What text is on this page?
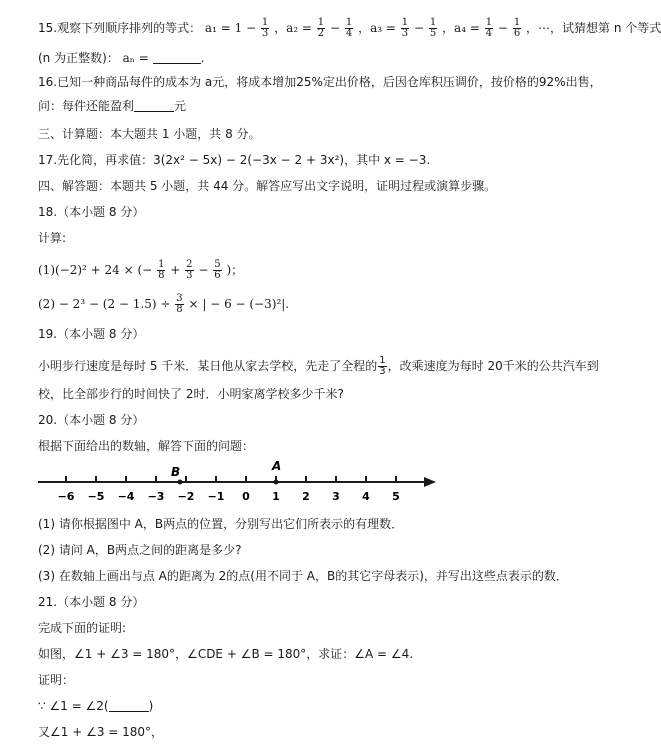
15.观察下列顺序排列的等式： $a_1 = 1 - \frac{1}{3}$ ，$a_2 = \frac{1}{2} - \frac{1}{4}$ ，$a_3 = \frac{1}{3} - \frac{1}{5}$ ，$a_4 = \frac{1}{4} - \frac{1}{6}$ ，⋯，试猜想第 n 个等式
(n 为正整数)： aₙ =	.
16.已知一种商品每件的成本为 a元，将成本增加25%定出价格，后因仓库积压调价，按价格的92%出售，
问：每件还能盈利	元
三、计算题：本大题共 1 小题，共 8 分。
17.先化简，再求值：3(2x² − 5x) − 2(−3x − 2 + 3x²)，其中 x = −3.
四、解答题：本题共 5 小题，共 44 分。解答应写出文字说明，证明过程或演算步骤。
18.（本小题 8 分）
计算:
(1)(−2)² + 24 × (− $\frac{1}{8} + \frac{2}{3} - \frac{5}{6}$ )；
$(2) - 2^3 - (2 - 1.5) \div \frac{3}{8}$ × | − 6 − (−3)²|.
19.（本小题 8 分）
小明步行速度是每时 5 千米．某日他从家去学校，先走了全程的 $\frac{1}{3}$ ，改乘速度为每时 20千米的公共汽车到
校，比全部步行的时间快了 2时．小明家离学校多少千米?
20.（本小题 8 分）
根据下面给出的数轴，解答下面的问题：
−6 −5 −4 −3 −2 −1 0 1 2 3 4 5
B	A
(1) 请你根据图中 A，B两点的位置，分别写出它们所表示的有理数．
(2) 请问 A，B两点之间的距离是多少?
(3) 在数轴上画出与点 A的距离为 2的点(用不同于 A，B的其它字母表示)，并写出这些点表示的数．
21.（本小题 8 分）
完成下面的证明:
如图，∠1 + ∠3 = 180°，∠CDE + ∠B = 180°，求证：∠A = ∠4.
证明：
∵ ∠1 = ∠2(	)
又∠1 + ∠3 = 180°，
